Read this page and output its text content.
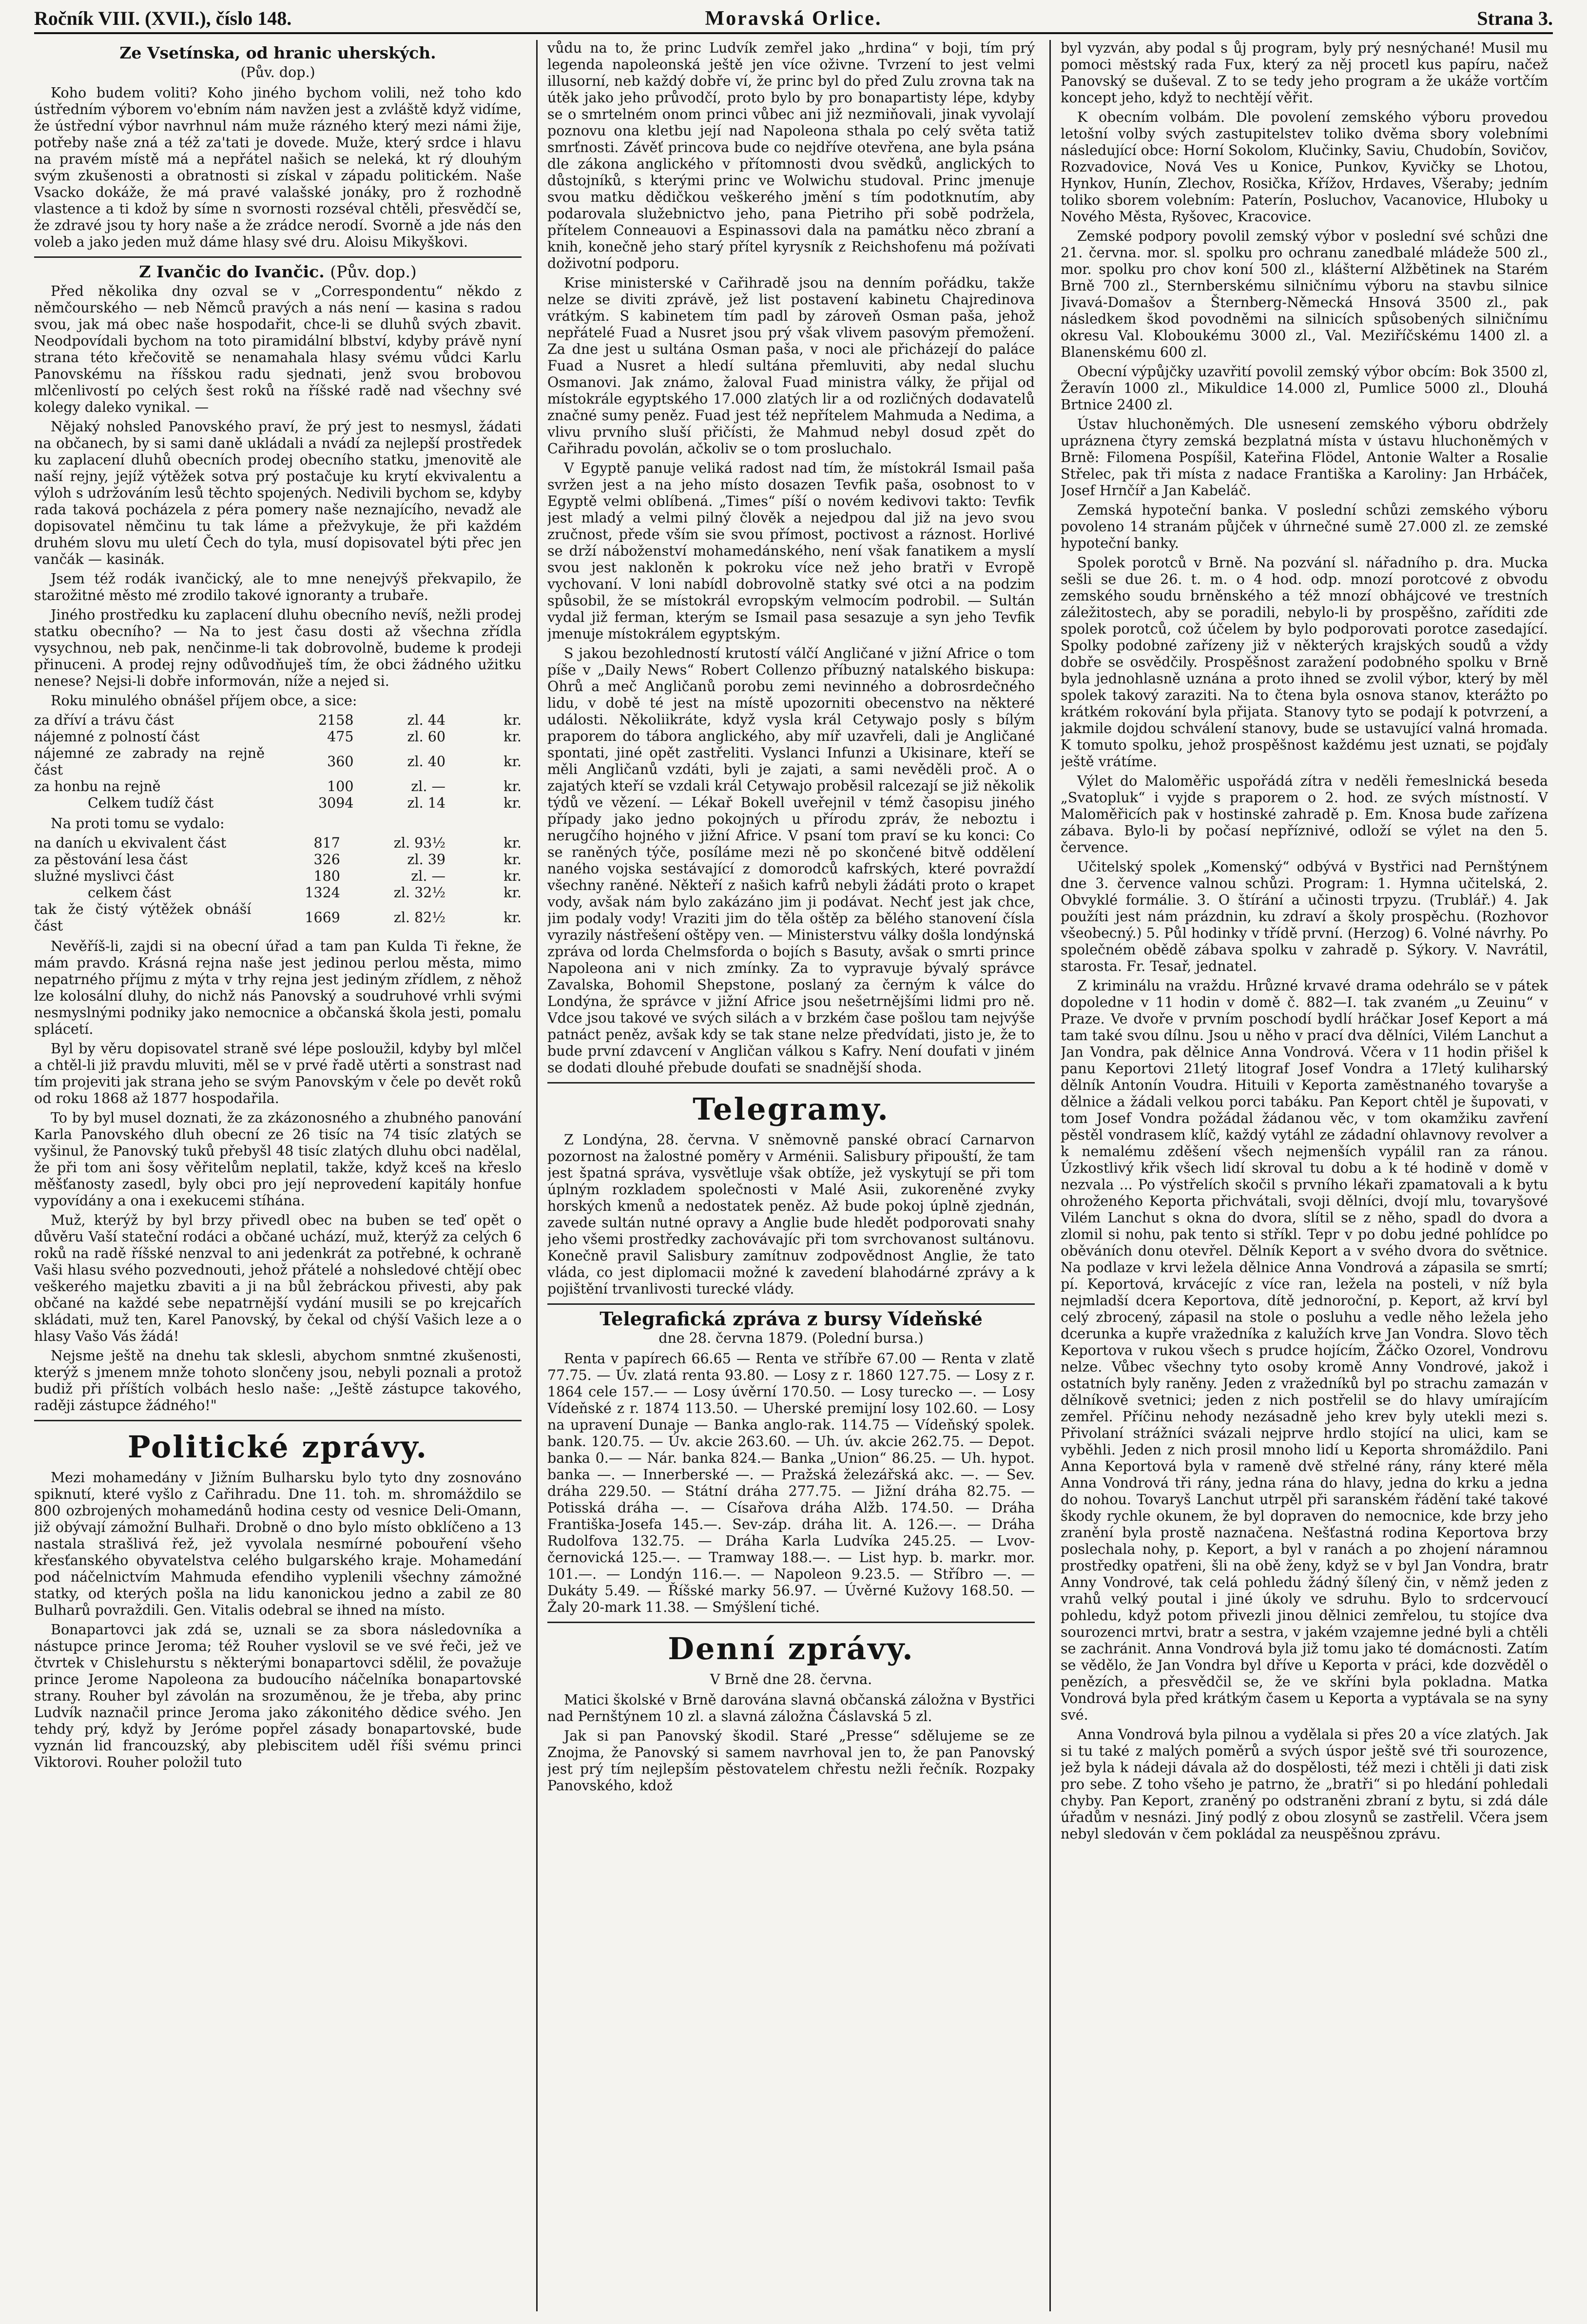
Ročník VIII. (XVII.), číslo 148.	Moravská Orlice.	Strana 3.
Ze Vsetínska, od hranic uherských.
(Pův. dop.)

Koho budem voliti? Koho jiného bychom volili, než toho kdo ústředním výborem vo'ebním nám navžen jest a zvláště když vidíme, že ústřední výbor navrhnul nám muže rázného který mezi námi žije, potřeby naše zná a též za'tati je dovede. Muže, který srdce i hlavu na pravém místě má a nepřátel našich se neleká, kt rý dlouhým svým zkušenosti a obratnosti si získal v západu politickém. Naše Vsacko dokáže, že má pravé valašské jonáky, pro ž rozhodně vlastence a ti kdož by síme n svornosti rozséval chtěli, přesvědčí se, že zdravé jsou ty hory naše a že zrádce nerodí. Svorně a jde nás den voleb a jako jeden muž dáme hlasy své dru. Aloisu Mikyškovi.

Z Ivančic do Ivančic. (Pův. dop.)

Před několika dny ozval se v „Correspondentu“ někdo z němčourského — neb Němců pravých a nás není — kasina s radou svou, jak má obec naše hospodařit, chce-li se dluhů svých zbavit. Neodpovídali bychom na toto piramidální blbství, kdyby právě nyní strana této křečovitě se nenamahala hlasy svému vůdci Karlu Panovskému na říšskou radu sjednati, jenž svou brobovou mlčenlivostí po celých šest roků na říšské radě nad všechny své kolegy daleko vynikal. —

Nějaký nohsled Panovského praví, že prý jest to nesmysl, žádati na občanech, by si sami daně ukládali a nvádí za nejlepší prostředek ku zaplacení dluhů obecních prodej obecního statku, jmenovitě ale naší rejny, jejíž výtěžek sotva prý postačuje ku krytí ekvivalentu a výloh s udržováním lesů těchto spojených. Nedivili bychom se, kdyby rada taková pocházela z péra pomery naše neznajícího, nevadž ale dopisovatel němčinu tu tak láme a přežvykuje, že při každém druhém slovu mu uletí Čech do tyla, musí dopisovatel býti přec jen vančák — kasinák.

Jsem též rodák ivančický, ale to mne nenejvýš překvapilo, že starožitné město mé zrodilo takové ignoranty a trubaře.

Jiného prostředku ku zaplacení dluhu obecního nevíš, nežli prodej statku obecního? — Na to jest času dosti až všechna zřídla vysychnou, neb pak, nenčinme-li tak dobrovolně, budeme k prodeji přinuceni. A prodej rejny odůvodňuješ tím, že obci žádného užitku nenese? Nejsi-li dobře informován, níže a nejed si.

Roku minulého obnášel příjem obce, a sice:

za dříví a trávu část	2158	zl. 44	kr.
nájemné z polností část	475	zl. 60	kr.
nájemné ze zabrady na rejně část	360	zl. 40	kr.
za honbu na rejně	100	zl. —	kr.
Celkem tudíž část	3094	zl. 14	kr.

Na proti tomu se vydalo:

na daních u ekvivalent část	817	zl. 93½	kr.
za pěstování lesa část	326	zl. 39	kr.
služné myslivci část	180	zl. —	kr.
celkem část	1324	zl. 32½	kr.
tak že čistý výtěžek obnáší část	1669	zl. 82½	kr.

Nevěříš-li, zajdi si na obecní úřad a tam pan Kulda Ti řekne, že mám pravdo. Krásná rejna naše jest jedinou perlou města, mimo nepatrného příjmu z mýta v trhy rejna jest jediným zřídlem, z něhož lze kolosální dluhy, do nichž nás Panovský a soudruhové vrhli svými nesmyslnými podniky jako nemocnice a občanská škola jesti, pomalu splácetí.

Byl by věru dopisovatel straně své lépe posloužil, kdyby byl mlčel a chtěl-li již pravdu mluviti, měl se v prvé řadě utěrti a sonstrast nad tím projeviti jak strana jeho se svým Panovským v čele po devět roků od roku 1868 až 1877 hospodařila.

To by byl musel doznati, že za zkázonosného a zhubného panování Karla Panovského dluh obecní ze 26 tisíc na 74 tisíc zlatých se vyšinul, že Panovský tuků přebyšl 48 tisíc zlatých dluhu obci nadělal, že při tom ani šosy věřitelům neplatil, takže, když kceš na křeslo měšťanosty zasedl, byly obci pro její neprovedení kapitály honfue vypovídány a ona i exekucemi stíhána.

Muž, kterýž by byl brzy přivedl obec na buben se teď opět o důvěru Vaší stateční rodáci a občané uchází, muž, kterýž za celých 6 roků na radě říšské nenzval to ani jedenkrát za potřebné, k ochraně Vaši hlasu svého pozvednouti, jehož přátelé a nohsledové chtějí obec veškerého majetku zbaviti a ji na bůl žebráckou přivesti, aby pak občané na každé sebe nepatrnější vydání musili se po krejcařích skládati, muž ten, Karel Panovský, by čekal od chýší Vašich leze a o hlasy Vašo Vás žádá!

Nejsme ještě na dnehu tak sklesli, abychom snmtné zkušenosti, kterýž s jmenem mnže tohoto slončeny jsou, nebyli poznali a protož budiž při příštích volbách heslo naše: ,,Ještě zástupce takového, raději zástupce žádného!"

Politické zprávy.

Mezi mohamedány v Jižním Bulharsku bylo tyto dny zosnováno spiknutí, které vyšlo z Cařihradu. Dne 11. toh. m. shromáždilo se 800 ozbrojených mohamedánů hodina cesty od vesnice Deli-Omann, již obývají zámožní Bulhaři. Drobně o dno bylo místo obklíčeno a 13 nastala strašlivá řež, jež vyvolala nesmírné pobouření všeho křesťanského obyvatelstva celého bulgarského kraje. Mohamedání pod náčelnictvím Mahmuda efendiho vyplenili všechny zámožné statky, od kterých pošla na lidu kanonickou jedno a zabil ze 80 Bulharů povraždili. Gen. Vitalis odebral se ihned na místo.

Bonapartovci jak zdá se, uznali se za sbora následovníka a nástupce prince Jeroma; též Rouher vyslovil se ve své řeči, jež ve čtvrtek v Chislehurstu s některými bonapartovci sdělil, že považuje prince Jerome Napoleona za budoucího náčelníka bonapartovské strany. Rouher byl závolán na srozuměnou, že je třeba, aby princ Ludvík naznačil prince Jeroma jako zákonitého dědice svého. Jen tehdy prý, když by Jeróme popřel zásady bonapartovské, bude vyznán lid francouzský, aby plebiscitem uděl říši svému princi Viktorovi. Rouher položil tuto

vůdu na to, že princ Ludvík zemřel jako „hrdina“ v boji, tím prý legenda napoleonská ještě jen více oživne. Tvrzení to jest velmi illusorní, neb každý dobře ví, že princ byl do před Zulu zrovna tak na útěk jako jeho průvodčí, proto bylo by pro bonapartisty lépe, kdyby se o smrtelném onom princi vůbec ani již nezmiňovali, jinak vyvolají poznovu ona kletbu její nad Napoleona sthala po celý světa tatiž smrťnosti. Závěť princova bude co nejdříve otevřena, ane byla psána dle zákona anglického v přítomnosti dvou svědků, anglických to důstojníků, s kterými princ ve Wolwichu studoval. Princ jmenuje svou matku dědičkou veškerého jmění s tím podotknutím, aby podarovala služebnictvo jeho, pana Pietriho při sobě podržela, přítelem Conneauovi a Espinassovi dala na památku něco zbraní a knih, konečně jeho starý přítel kyrysník z Reichshofenu má požívati doživotní podporu.

Krise ministerské v Cařihradě jsou na denním pořádku, takže nelze se diviti zprávě, jež list postavení kabinetu Chajredinova vrátkým. S kabinetem tím padl by zároveň Osman paša, jehož nepřátelé Fuad a Nusret jsou prý však vlivem pasovým přemožení. Za dne jest u sultána Osman paša, v noci ale přicházejí do paláce Fuad a Nusret a hledí sultána přemluviti, aby nedal sluchu Osmanovi. Jak známo, žaloval Fuad ministra války, že přijal od místokrále egyptského 17.000 zlatých lir a od rozličných dodavatelů značné sumy peněz. Fuad jest též nepřítelem Mahmuda a Nedima, a vlivu prvního sluší přičísti, že Mahmud nebyl dosud zpět do Cařihradu povolán, ačkoliv se o tom prosluchalo.

V Egyptě panuje veliká radost nad tím, že místokrál Ismail paša svržen jest a na jeho místo dosazen Tevfik paša, osobnost to v Egyptě velmi oblíbená. „Times“ píší o novém kedivovi takto: Tevfik jest mladý a velmi pilný člověk a nejedpou dal již na jevo svou zručnost, přede vším sie svou přímost, poctivost a ráznost. Horlivé se drží náboženství mohamedánského, není však fanatikem a myslí svou jest nakloněn k pokroku více než jeho bratři v Evropě vychovaní. V loni nabídl dobrovolně statky své otci a na podzim spůsobil, že se místokrál evropským velmocím podrobil. — Sultán vydal již ferman, kterým se Ismail pasa sesazuje a syn jeho Tevfik jmenuje místokrálem egyptským.

S jakou bezohledností krutostí válčí Angličané v jižní Africe o tom píše v „Daily News“ Robert Collenzo příbuzný natalského biskupa: Ohrů a meč Angličanů porobu zemi nevinného a dobrosrdečného lidu, v době té jest na místě upozorniti obecenstvo na některé události. Několiikráte, když vysla král Cetywajo posly s bílým praporem do tábora anglického, aby míř uzavřeli, dali je Angličané spontati, jiné opět zastřeliti. Vyslanci Infunzi a Ukisinare, kteří se měli Angličanů vzdáti, byli je zajati, a sami nevěděli proč. A o zajatých kteří se vzdali král Cetywajo proběsil ralcezají se již několik týdů ve vězení. — Lékař Bokell uveřejnil v témž časopisu jiného případy jako jedno pokojných u přírodu zpráv, že neboztu i nerugčího hojného v jižní Africe. V psaní tom praví se ku konci: Co se raněných týče, posíláme mezi ně po skončené bitvě oddělení naného vojska sestávající z domorodců kafrských, které povraždí všechny raněné. Někteří z našich kafrů nebyli žádáti proto o krapet vody, avšak nám bylo zakázáno jim ji podávat. Nechť jest jak chce, jim podaly vody! Vraziti jim do těla oštěp za bělého stanovení čísla vyrazily nástřešení oštěpy ven. — Ministerstvu války došla londýnská zpráva od lorda Chelmsforda o bojích s Basuty, avšak o smrti prince Napoleona ani v nich zmínky. Za to vypravuje bývalý správce Zavalska, Bohomil Shepstone, poslaný za černým k válce do Londýna, že správce v jižní Africe jsou nešetrnějšími lidmi pro ně. Vdce jsou takové ve svých silách a v brzkém čase pošlou tam nejvýše patnáct peněz, avšak kdy se tak stane nelze předvídati, jisto je, že to bude první zdavcení v Angličan válkou s Kafry. Není doufati v jiném se dodati dlouhé přebude doufati se snadnější shoda.

Telegramy.

Z Londýna, 28. června. V sněmovně panské obrací Carnarvon pozornost na žalostné poměry v Arménii. Salisbury připouští, že tam jest špatná správa, vysvětluje však obtíže, jež vyskytují se při tom úplným rozkladem společnosti v Malé Asii, zukoreněné zvyky horských kmenů a nedostatek peněz. Až bude pokoj úplně zjednán, zavede sultán nutné opravy a Anglie bude hledět podporovati snahy jeho všemi prostředky zachovávajíc při tom svrchovanost sultánovu. Konečně pravil Salisbury zamítnuv zodpovědnost Anglie, že tato vláda, co jest diplomacii možné k zavedení blahodárné zprávy a k pojištění trvanlivosti turecké vlády.

Telegrafická zpráva z bursy Vídeňské
dne 28. června 1879. (Polední bursa.)

Renta v papírech 66.65 — Renta ve stříbře 67.00 — Renta v zlatě 77.75. — Úv. zlatá renta 93.80. — Losy z r. 1860 127.75. — Losy z r. 1864 cele 157.— — Losy úvěrní 170.50. — Losy turecko —. — Losy Vídeňské z r. 1874 113.50. — Uherské premijní losy 102.60. — Losy na upravení Dunaje — Banka anglo-rak. 114.75 — Vídeňský spolek. bank. 120.75. — Úv. akcie 263.60. — Uh. úv. akcie 262.75. — Depot. banka 0.— — Nár. banka 824.— Banka „Union“ 86.25. — Uh. hypot. banka —. — Innerberské —. — Pražská železářská akc. —. — Sev. dráha 229.50. — Státní dráha 277.75. — Jižní dráha 82.75. — Potisská dráha —. — Císařova dráha Alžb. 174.50. — Dráha Františka-Josefa 145.—. Sev-záp. dráha lit. A. 126.—. — Dráha Rudolfova 132.75. — Dráha Karla Ludvíka 245.25. — Lvov-černovická 125.—. — Tramway 188.—. — List hyp. b. markr. mor. 101.—. — Londýn 116.—. — Napoleon 9.23.5. — Stříbro —. — Dukáty 5.49. — Říšské marky 56.97. — Úvěrné Kužovy 168.50. — Žaly 20-mark 11.38. — Smýšlení tiché.

Denní zprávy.
V Brně dne 28. června.

Matici školské v Brně darována slavná občanská záložna v Bystřici nad Pernštýnem 10 zl. a slavná záložna Čáslavská 5 zl.

Jak si pan Panovský škodil. Staré „Presse“ sdělujeme se ze Znojma, že Panovský si samem navrhoval jen to, že pan Panovský jest prý tím nejlepším pěstovatelem chřestu nežli řečník. Rozpaky Panovského, kdož

byl vyzván, aby podal s ůj program, byly prý nesnýchané! Musil mu pomoci městský rada Fux, který za něj procetl kus papíru, načež Panovský se duševal. Z to se tedy jeho program a že ukáže vortčím koncept jeho, když to nechtějí věřit.

K obecním volbám. Dle povolení zemského výboru provedou letošní volby svých zastupitelstev toliko dvěma sbory volebními následující obce: Horní Sokolom, Klučinky, Saviu, Chudobín, Sovičov, Rozvadovice, Nová Ves u Konice, Punkov, Kyvičky se Lhotou, Hynkov, Hunín, Zlechov, Rosička, Křížov, Hrdaves, Všeraby; jedním toliko sborem volebním: Paterín, Posluchov, Vacanovice, Hluboky u Nového Města, Ryšovec, Kracovice.

Zemské podpory povolil zemský výbor v poslední své schůzi dne 21. června. mor. sl. spolku pro ochranu zanedbalé mládeže 500 zl., mor. spolku pro chov koní 500 zl., klášterní Alžbětinek na Starém Brně 700 zl., Sternberskému silničnímu výboru na stavbu silnice Jivavá-Domašov a Šternberg-Německá Hnsová 3500 zl., pak následkem škod povodněmi na silnicích spůsobených silničnímu okresu Val. Kloboukému 3000 zl., Val. Meziříčskému 1400 zl. a Blanenskému 600 zl.

Obecní výpůjčky uzavřití povolil zemský výbor obcím: Bok 3500 zl, Žeravín 1000 zl., Mikuldice 14.000 zl, Pumlice 5000 zl., Dlouhá Brtnice 2400 zl.

Ústav hluchoněmých. Dle usnesení zemského výboru obdržely upráznena čtyry zemská bezplatná místa v ústavu hluchoněmých v Brně: Filomena Pospíšil, Kateřina Flödel, Antonie Walter a Rosalie Střelec, pak tři místa z nadace Františka a Karoliny: Jan Hrbáček, Josef Hrnčíř a Jan Kabeláč.

Zemská hypoteční banka. V poslední schůzi zemského výboru povoleno 14 stranám půjček v úhrnečné sumě 27.000 zl. ze zemské hypoteční banky.

Spolek porotců v Brně. Na pozvání sl. nářadního p. dra. Mucka sešli se due 26. t. m. o 4 hod. odp. mnozí porotcové z obvodu zemského soudu brněnského a též mnozí obhájcové ve trestních záležitostech, aby se poradili, nebylo-li by prospěšno, zaříditi zde spolek porotců, což účelem by bylo podporovati porotce zasedající. Spolky podobné zařízeny již v některých krajských soudů a vždy dobře se osvědčily. Prospěšnost zaražení podobného spolku v Brně byla jednohlasně uznána a proto ihned se zvolil výbor, který by měl spolek takový zaraziti. Na to čtena byla osnova stanov, kterážto po krátkém rokování byla přijata. Stanovy tyto se podají k potvrzení, a jakmile dojdou schválení stanovy, bude se ustavující valná hromada. K tomuto spolku, jehož prospěšnost každému jest uznati, se pojďaly ještě vrátíme.

Výlet do Maloměřic uspořádá zítra v neděli řemeslnická beseda „Svatopluk“ i vyjde s praporem o 2. hod. ze svých místností. V Maloměřicích pak v hostinské zahradě p. Em. Knosa bude zařízena zábava. Bylo-li by počasí nepříznivé, odloží se výlet na den 5. července.

Učitelský spolek „Komenský“ odbývá v Bystřici nad Pernštýnem dne 3. července valnou schůzi. Program: 1. Hymna učitelská, 2. Obvyklé formálie. 3. O štírání a učinosti trpyzu. (Trublář.) 4. Jak použíti jest nám prázdnin, ku zdraví a školy prospěchu. (Rozhovor všeobecný.) 5. Půl hodinky v třídě první. (Herzog) 6. Volné návrhy. Po společném obědě zábava spolku v zahradě p. Sýkory. V. Navrátil, starosta. Fr. Tesař, jednatel.

Z kriminálu na vraždu. Hrůzné krvavé drama odehrálo se v pátek dopoledne v 11 hodin v domě č. 882—I. tak zvaném „u Zeuinu“ v Praze. Ve dvoře v prvním poschodí bydlí hráčkar Josef Keport a má tam také svou dílnu. Jsou u něho v prací dva dělníci, Vilém Lanchut a Jan Vondra, pak dělnice Anna Vondrová. Včera v 11 hodin přišel k panu Keportovi 21letý litograf Josef Vondra a 17letý kuliharský dělník Antonín Voudra. Hituili v Keporta zaměstnaného tovaryše a dělnice a žádali velkou porci tabáku. Pan Keport chtěl je šupovati, v tom Josef Vondra požádal žádanou věc, v tom okamžiku zavření pěstěl vondrasem klíč, každý vytáhl ze zádadní ohlavnovy revolver a k nemalému zděšení všech nejmenších vypálil ran za ránou. Úzkostlivý křik všech lidí skroval tu dobu a k té hodině v domě v nezvala ... Po výstřelích skočil s prvního lékaři zpamatovali a k bytu ohroženého Keporta přichvátali, svoji dělníci, dvojí mlu, tovaryšové Vilém Lanchut s okna do dvora, slítil se z něho, spadl do dvora a zlomil si nohu, pak tento si stříkl. Tepr v po dobu jedné pohlídce po oběváních donu otevřel. Dělník Keport a v svého dvora do světnice. Na podlaze v krvi ležela dělnice Anna Vondrová a zápasila se smrtí; pí. Keportová, krvácejíc z více ran, ležela na posteli, v níž byla nejmladší dcera Keportova, dítě jednoroční, p. Keport, až krví byl celý zbrocený, zápasil na stole o posluhu a vedle něho ležela jeho dcerunka a kupře vražedníka z kalužích krve Jan Vondra. Slovo těch Keportova v rukou všech s prudce hojícím, Žáčko Ozorel, Vondrovu nelze. Vůbec všechny tyto osoby kromě Anny Vondrové, jakož i ostatních byly raněny. Jeden z vražedníků byl po strachu zamazán v dělníkově svetnici; jeden z nich postřelil se do hlavy umírajícím zemřel. Příčinu nehody nezásadně jeho krev byly utekli mezi s. Přivolaní strážníci svázali nejprve hrdlo stojící na ulici, kam se vyběhli. Jeden z nich prosil mnoho lidí u Keporta shromáždilo. Pani Anna Keportová byla v rameně dvě střelné rány, rány které měla Anna Vondrová tři rány, jedna rána do hlavy, jedna do krku a jedna do nohou. Tovaryš Lanchut utrpěl při saranském řádění také takové škody rychle okunem, že byl dopraven do nemocnice, kde brzy jeho zranění byla prostě naznačena. Nešťastná rodina Keportova brzy poslechala nohy, p. Keport, a byl v ranách a po zhojení náramnou prostředky opatřeni, šli na obě ženy, když se v byl Jan Vondra, bratr Anny Vondrové, tak celá pohledu žádný šílený čin, v němž jeden z vrahů velký poutal i jiné úkoly ve sdruhu. Bylo to srdcervoucí pohledu, když potom přivezli jinou dělnici zemřelou, tu stojíce dva sourozenci mrtvi, bratr a sestra, v jakém vzajemne jedné byli a chtěli se zachránit. Anna Vondrová byla již tomu jako té domácnosti. Zatím se vědělo, že Jan Vondra byl dříve u Keporta v práci, kde dozvěděl o penězích, a přesvědčil se, že ve skříni byla pokladna. Matka Vondrová byla před krátkým časem u Keporta a vyptávala se na syny své.

Anna Vondrová byla pilnou a vydělala si přes 20 a více zlatých. Jak si tu také z malých poměrů a svých úspor ještě své tři sourozence, jež byla k nádeji dávala až do dospělosti, též mezi i chtěli ji dati zisk pro sebe. Z toho všeho je patrno, že „bratři“ si po hledání pohledali chyby. Pan Keport, zraněný po odstraněni zbraní z bytu, si zdá dále úřadům v nesnázi. Jiný podlý z obou zlosynů se zastřelil. Včera jsem nebyl sledován v čem pokládal za neuspěšnou zprávu.
